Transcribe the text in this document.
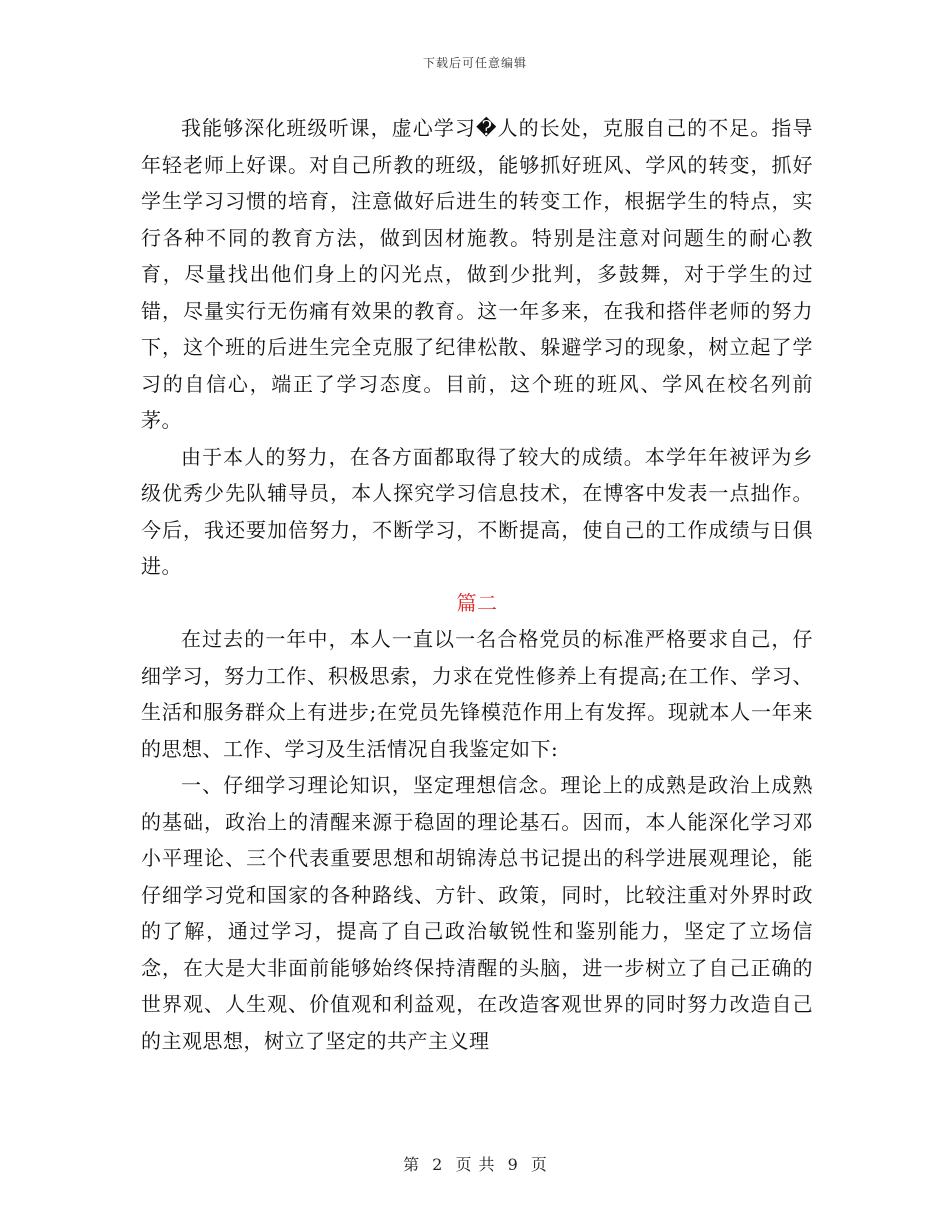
下载后可任意编辑

我能够深化班级听课，虚心学习�人的长处，克服自己的不足。指导年轻老师上好课。对自己所教的班级，能够抓好班风、学风的转变，抓好学生学习习惯的培育，注意做好后进生的转变工作，根据学生的特点，实行各种不同的教育方法，做到因材施教。特别是注意对问题生的耐心教育，尽量找出他们身上的闪光点，做到少批判，多鼓舞，对于学生的过错，尽量实行无伤痛有效果的教育。这一年多来，在我和搭伴老师的努力下，这个班的后进生完全克服了纪律松散、躲避学习的现象，树立起了学习的自信心，端正了学习态度。目前，这个班的班风、学风在校名列前茅。

由于本人的努力，在各方面都取得了较大的成绩。本学年年被评为乡级优秀少先队辅导员，本人探究学习信息技术，在博客中发表一点拙作。今后，我还要加倍努力，不断学习，不断提高，使自己的工作成绩与日俱进。

篇二

在过去的一年中，本人一直以一名合格党员的标准严格要求自己，仔细学习，努力工作、积极思索，力求在党性修养上有提高;在工作、学习、生活和服务群众上有进步;在党员先锋模范作用上有发挥。现就本人一年来的思想、工作、学习及生活情况自我鉴定如下:

一、仔细学习理论知识，坚定理想信念。理论上的成熟是政治上成熟的基础，政治上的清醒来源于稳固的理论基石。因而，本人能深化学习邓小平理论、三个代表重要思想和胡锦涛总书记提出的科学进展观理论，能仔细学习党和国家的各种路线、方针、政策，同时，比较注重对外界时政的了解，通过学习，提高了自己政治敏锐性和鉴别能力，坚定了立场信念，在大是大非面前能够始终保持清醒的头脑，进一步树立了自己正确的世界观、人生观、价值观和利益观，在改造客观世界的同时努力改造自己的主观思想，树立了坚定的共产主义理

第 2 页 共 9 页
